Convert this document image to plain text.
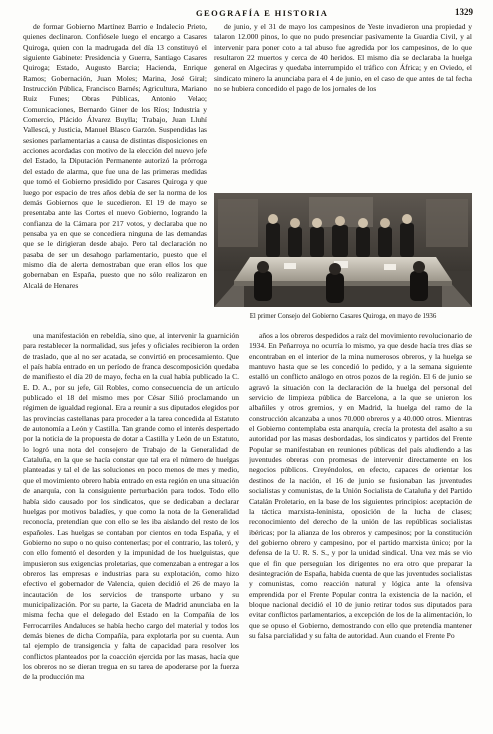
GEOGRAFÍA E HISTORIA	1329

de formar Gobierno Martínez Barrio e Indalecio Prieto, quienes declinaron. Confiósele luego el encargo a Casares Quiroga, quien con la madrugada del día 13 constituyó el siguiente Gabinete: Presidencia y Guerra, Santiago Casares Quiroga; Estado, Augusto Barcia; Hacienda, Enrique Ramos; Gobernación, Juan Moles; Marina, José Giral; Instrucción Pública, Francisco Barnés; Agricultura, Mariano Ruiz Funes; Obras Públicas, Antonio Velao; Comunicaciones, Bernardo Giner de los Ríos; Industria y Comercio, Plácido Álvarez Buylla; Trabajo, Juan Lluhí Vallescá, y Justicia, Manuel Blasco Garzón. Suspendidas las sesiones parlamentarias a causa de distintas disposiciones en acciones acordadas con motivo de la elección del nuevo jefe del Estado, la Diputación Permanente autorizó la prórroga del estado de alarma, que fue una de las primeras medidas que tomó el Gobierno presidido por Casares Quiroga y que luego por espacio de tres años debía de ser la norma de los demás Gobiernos que le sucedieron. El 19 de mayo se presentaba ante las Cortes el nuevo Gobierno, logrando la confianza de la Cámara por 217 votos, y declaraba que no pensaba ya en que se concediera ninguna de las demandas que se le dirigieran desde abajo. Pero tal declaración no pasaba de ser un desahogo parlamentario, puesto que el mismo día de alerta demostraban que eran ellos los que gobernaban en España, puesto que no sólo realizaron en Alcalá de Henares

de junio, y el 31 de mayo los campesinos de Yeste invadieron una propiedad y talaron 12.000 pinos, lo que no pudo presenciar pasivamente la Guardia Civil, y al intervenir para poner coto a tal abuso fue agredida por los campesinos, de lo que resultaron 22 muertos y cerca de 40 heridos. El mismo día se declaraba la huelga general en Algeciras y quedaba interrumpido el tráfico con África; y en Oviedo, el sindicato minero la anunciaba para el 4 de junio, en el caso de que antes de tal fecha no se hubiera concedido el pago de los jornales de los

El primer Consejo del Gobierno Casares Quiroga, en mayo de 1936

una manifestación en rebeldía, sino que, al intervenir la guarnición para restablecer la normalidad, sus jefes y oficiales recibieron la orden de traslado, que al no ser acatada, se convirtió en procesamiento. Que el país había entrado en un período de franca descomposición quedaba de manifiesto el día 20 de mayo, fecha en la cual había publicado la C. E. D. A., por su jefe, Gil Robles, como consecuencia de un artículo publicado el 18 del mismo mes por César Silió proclamando un régimen de igualdad regional. Era a reunir a sus diputados elegidos por las provincias castellanas para proceder a la tarea concedida al Estatuto de autonomía a León y Castilla. Tan grande como el interés despertado por la noticia de la propuesta de dotar a Castilla y León de un Estatuto, lo logró una nota del consejero de Trabajo de la Generalidad de Cataluña, en la que se hacía constar que tal era el número de huelgas planteadas y tal el de las soluciones en poco menos de mes y medio, que el movimiento obrero había entrado en esta región en una situación de anarquía, con la consiguiente perturbación para todos. Todo ello había sido causado por los sindicatos, que se dedicaban a declarar huelgas por motivos baladíes, y que como la nota de la Generalidad reconocía, pretendían que con ello se les iba aislando del resto de los españoles. Las huelgas se contaban por cientos en toda España, y el Gobierno no supo o no quiso contenerlas; por el contrario, las toleró, y con ello fomentó el desorden y la impunidad de los huelguistas, que impusieron sus exigencias proletarias, que comenzaban a entregar a los obreros las empresas e industrias para su explotación, como hizo efectivo el gobernador de Valencia, quien decidió el 26 de mayo la incautación de los servicios de transporte urbano y su municipalización. Por su parte, la Gaceta de Madrid anunciaba en la misma fecha que el delegado del Estado en la Compañía de los Ferrocarriles Andaluces se había hecho cargo del material y todos los demás bienes de dicha Compañía, para explotarla por su cuenta. Aun tal ejemplo de transigencia y falta de capacidad para resolver los conflictos planteados por la coacción ejercida por las masas, hacía que los obreros no se dieran tregua en su tarea de apoderarse por la fuerza de la producción ma

años a los obreros despedidos a raíz del movimiento revolucionario de 1934. En Peñarroya no ocurría lo mismo, ya que desde hacía tres días se encontraban en el interior de la mina numerosos obreros, y la huelga se mantuvo hasta que se les concedió lo pedido, y a la semana siguiente estalló un conflicto análogo en otros pozos de la región. El 6 de junio se agravó la situación con la declaración de la huelga del personal del servicio de limpieza pública de Barcelona, a la que se unieron los albañiles y otros gremios, y en Madrid, la huelga del ramo de la construcción alcanzaba a unos 70.000 obreros y a 40.000 otros. Mientras el Gobierno contemplaba esta anarquía, crecía la protesta del asalto a su autoridad por las masas desbordadas, los sindicatos y partidos del Frente Popular se manifestaban en reuniones públicas del país aludiendo a las juventudes obreras con promesas de intervenir directamente en los negocios públicos. Creyéndolos, en efecto, capaces de orientar los destinos de la nación, el 16 de junio se fusionaban las juventudes socialistas y comunistas, de la Unión Socialista de Cataluña y del Partido Catalán Proletario, en la base de los siguientes principios: aceptación de la táctica marxista-leninista, oposición de la lucha de clases; reconocimiento del derecho de la unión de las repúblicas socialistas ibéricas; por la alianza de los obreros y campesinos; por la constitución del gobierno obrero y campesino, por el partido marxista único; por la defensa de la U. R. S. S., y por la unidad sindical. Una vez más se vio que el fin que perseguían los dirigentes no era otro que preparar la desintegración de España, habida cuenta de que las juventudes socialistas y comunistas, como reacción natural y lógica ante la ofensiva emprendida por el Frente Popular contra la existencia de la nación, el bloque nacional decidió el 10 de junio retirar todos sus diputados para evitar conflictos parlamentarios, a excepción de los de la alimentación, lo que se opuso el Gobierno, demostrando con ello que pretendía mantener su falsa parcialidad y su falta de autoridad. Aun cuando el Frente Po
